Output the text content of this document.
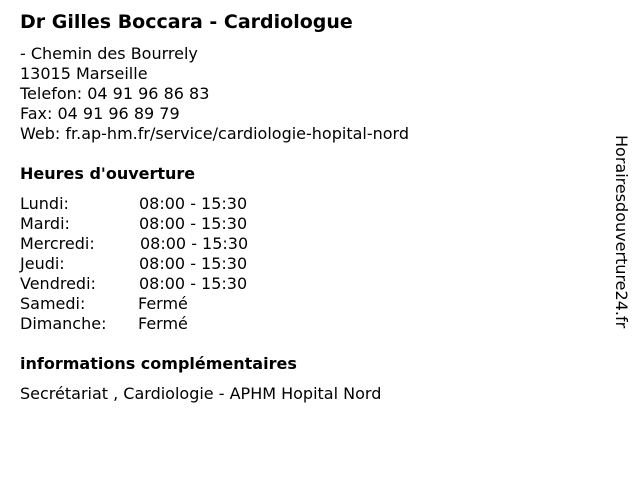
Dr Gilles Boccara - Cardiologue
- Chemin des Bourrely
13015 Marseille
Telefon: 04 91 96 86 83
Fax: 04 91 96 89 79
Web: fr.ap-hm.fr/service/cardiologie-hopital-nord
Heures d'ouverture
Lundi:	08:00 - 15:30
Mardi:	08:00 - 15:30
Mercredi:	08:00 - 15:30
Jeudi:	08:00 - 15:30
Vendredi:	08:00 - 15:30
Samedi:	Fermé
Dimanche: Fermé
informations complémentaires
Secrétariat , Cardiologie - APHM Hopital Nord
Horairesdouverture24.fr
